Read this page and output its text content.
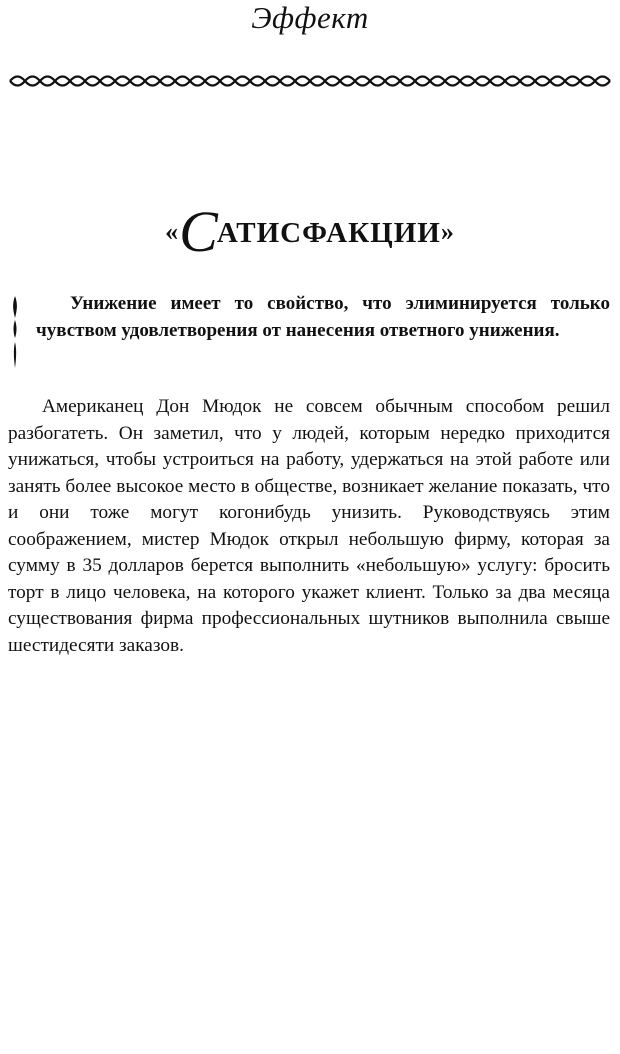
Эффект
«САТИСФАКЦИИ»

Унижение имеет то свойство, что элиминируется только чувством удовлетворения от нанесения ответного унижения.

Американец Дон Мюдок не совсем обычным способом решил разбогатеть. Он заметил, что у людей, которым нередко приходится унижаться, чтобы устроиться на работу, удержаться на этой работе или занять более высокое место в обществе, возникает желание показать, что и они тоже могут когонибудь унизить. Руководствуясь этим соображением, мистер Мюдок открыл небольшую фирму, которая за сумму в 35 долларов берется выполнить «небольшую» услугу: бросить торт в лицо человека, на которого укажет клиент. Только за два месяца существования фирма профессиональных шутников выполнила свыше шестидесяти заказов.
